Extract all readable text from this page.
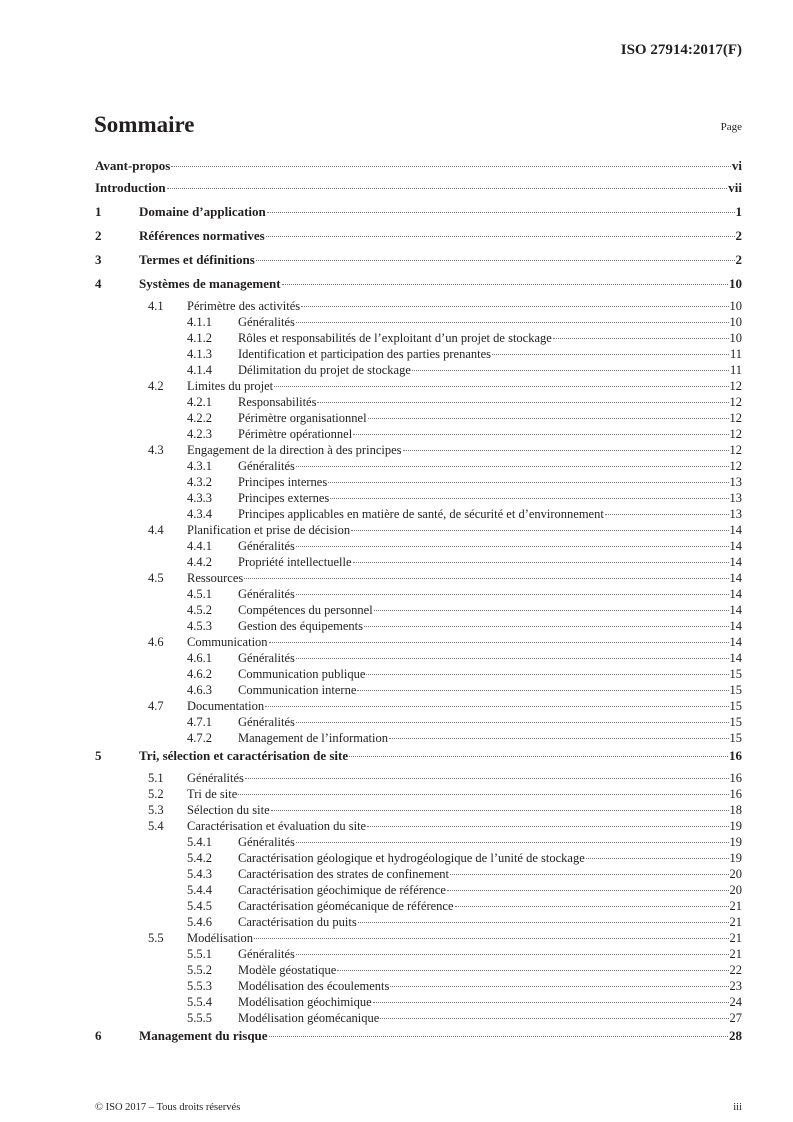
ISO 27914:2017(F)
Sommaire	Page
Avant-propos	vi
Introduction	vii
1	Domaine d’application	1
2	Références normatives	2
3	Termes et définitions	2
4	Systèmes de management	10
4.1	Périmètre des activités	10
4.1.1	Généralités	10
4.1.2	Rôles et responsabilités de l’exploitant d’un projet de stockage	10
4.1.3	Identification et participation des parties prenantes	11
4.1.4	Délimitation du projet de stockage	11
4.2	Limites du projet	12
4.2.1	Responsabilités	12
4.2.2	Périmètre organisationnel	12
4.2.3	Périmètre opérationnel	12
4.3	Engagement de la direction à des principes	12
4.3.1	Généralités	12
4.3.2	Principes internes	13
4.3.3	Principes externes	13
4.3.4	Principes applicables en matière de santé, de sécurité et d’environnement	13
4.4	Planification et prise de décision	14
4.4.1	Généralités	14
4.4.2	Propriété intellectuelle	14
4.5	Ressources	14
4.5.1	Généralités	14
4.5.2	Compétences du personnel	14
4.5.3	Gestion des équipements	14
4.6	Communication	14
4.6.1	Généralités	14
4.6.2	Communication publique	15
4.6.3	Communication interne	15
4.7	Documentation	15
4.7.1	Généralités	15
4.7.2	Management de l’information	15
5	Tri, sélection et caractérisation de site	16
5.1	Généralités	16
5.2	Tri de site	16
5.3	Sélection du site	18
5.4	Caractérisation et évaluation du site	19
5.4.1	Généralités	19
5.4.2	Caractérisation géologique et hydrogéologique de l’unité de stockage	19
5.4.3	Caractérisation des strates de confinement	20
5.4.4	Caractérisation géochimique de référence	20
5.4.5	Caractérisation géomécanique de référence	21
5.4.6	Caractérisation du puits	21
5.5	Modélisation	21
5.5.1	Généralités	21
5.5.2	Modèle géostatique	22
5.5.3	Modélisation des écoulements	23
5.5.4	Modélisation géochimique	24
5.5.5	Modélisation géomécanique	27
6	Management du risque	28
© ISO 2017 – Tous droits réservés	iii
